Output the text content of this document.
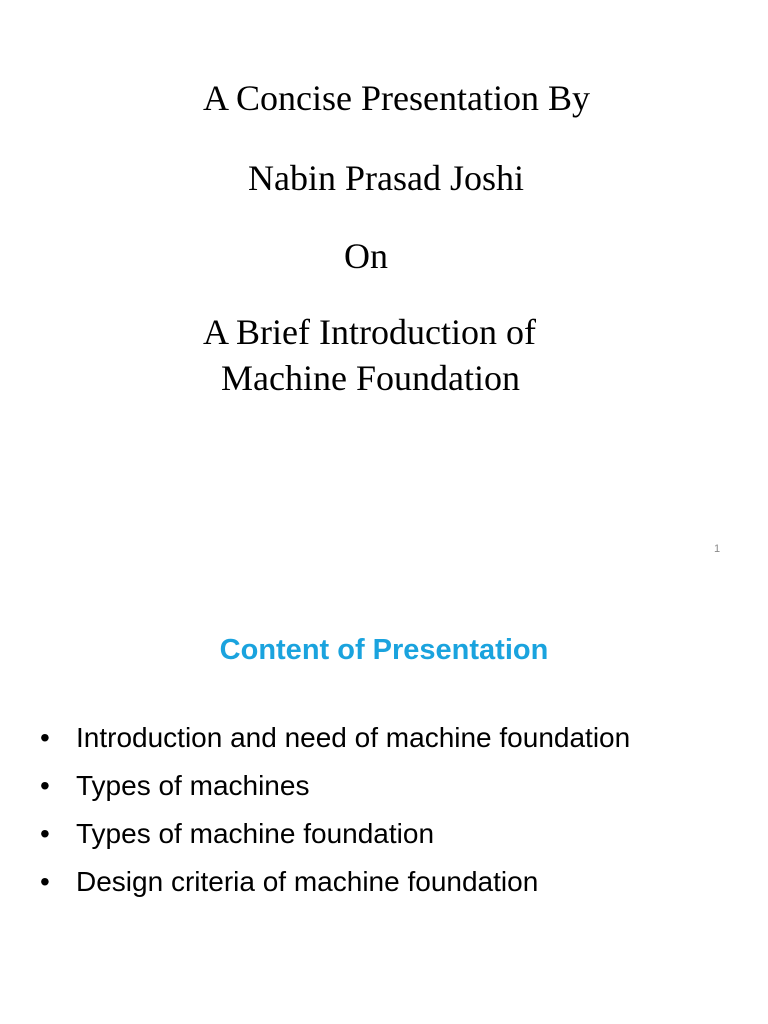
A Concise Presentation By
Nabin Prasad Joshi
On
A Brief Introduction of
Machine Foundation
1
Content of Presentation
• Introduction and need of machine foundation
• Types of machines
• Types of machine foundation
• Design criteria of machine foundation
